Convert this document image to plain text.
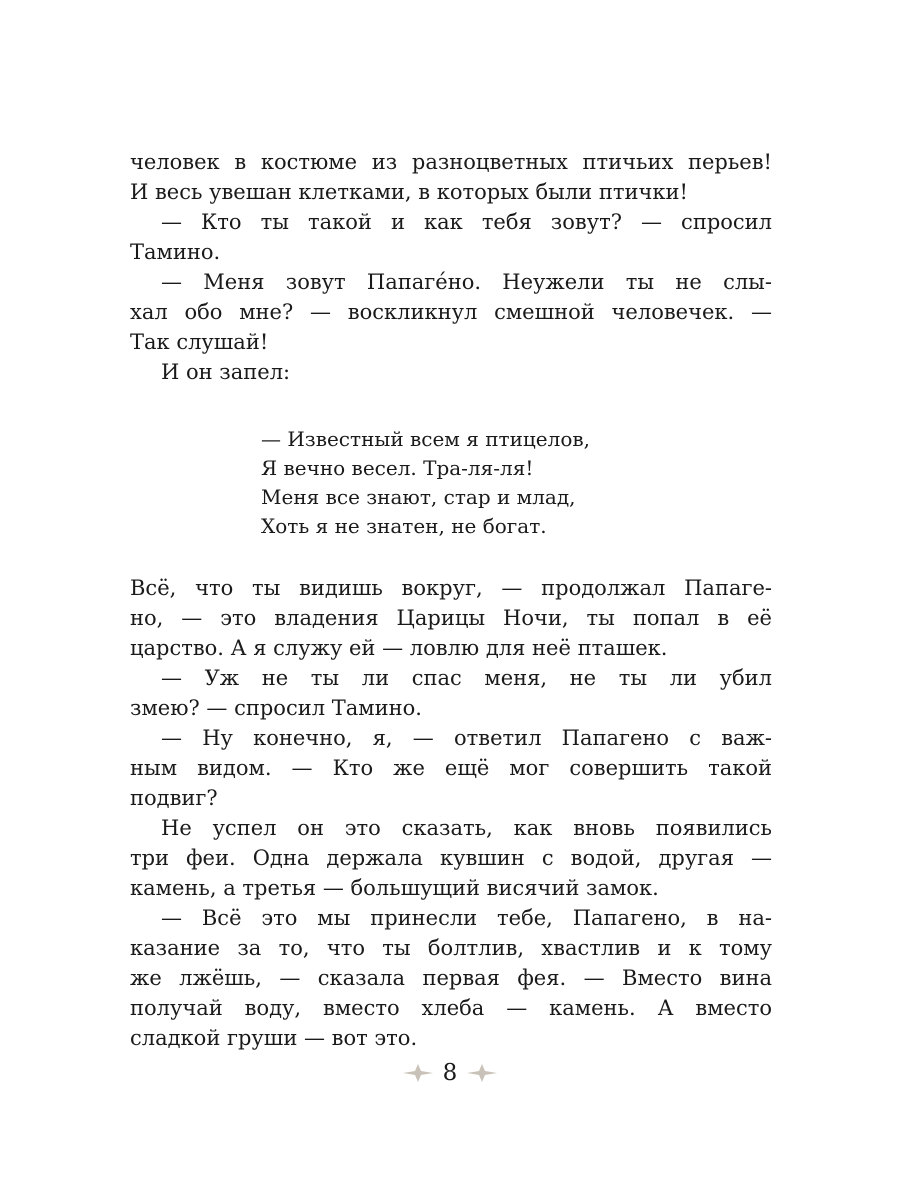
человек в костюме из разноцветных птичьих перьев!
И весь увешан клетками, в которых были птички!
— Кто ты такой и как тебя зовут? — спросил
Тамино.
— Меня зовут Папаге́но. Неужели ты не слы-
хал обо мне? — воскликнул смешной человечек. —
Так слушай!
И он запел:
— Известный всем я птицелов,
Я вечно весел. Тра-ля-ля!
Меня все знают, стар и млад,
Хоть я не знатен, не богат.
Всё, что ты видишь вокруг, — продолжал Папаге-
но, — это владения Царицы Ночи, ты попал в её
царство. А я служу ей — ловлю для неё пташек.
— Уж не ты ли спас меня, не ты ли убил
змею? — спросил Тамино.
— Ну конечно, я, — ответил Папагено с важ-
ным видом. — Кто же ещё мог совершить такой
подвиг?
Не успел он это сказать, как вновь появились
три феи. Одна держала кувшин с водой, другая —
камень, а третья — большущий висячий замок.
— Всё это мы принесли тебе, Папагено, в на-
казание за то, что ты болтлив, хвастлив и к тому
же лжёшь, — сказала первая фея. — Вместо вина
получай воду, вместо хлеба — камень. А вместо
сладкой груши — вот это.
8
